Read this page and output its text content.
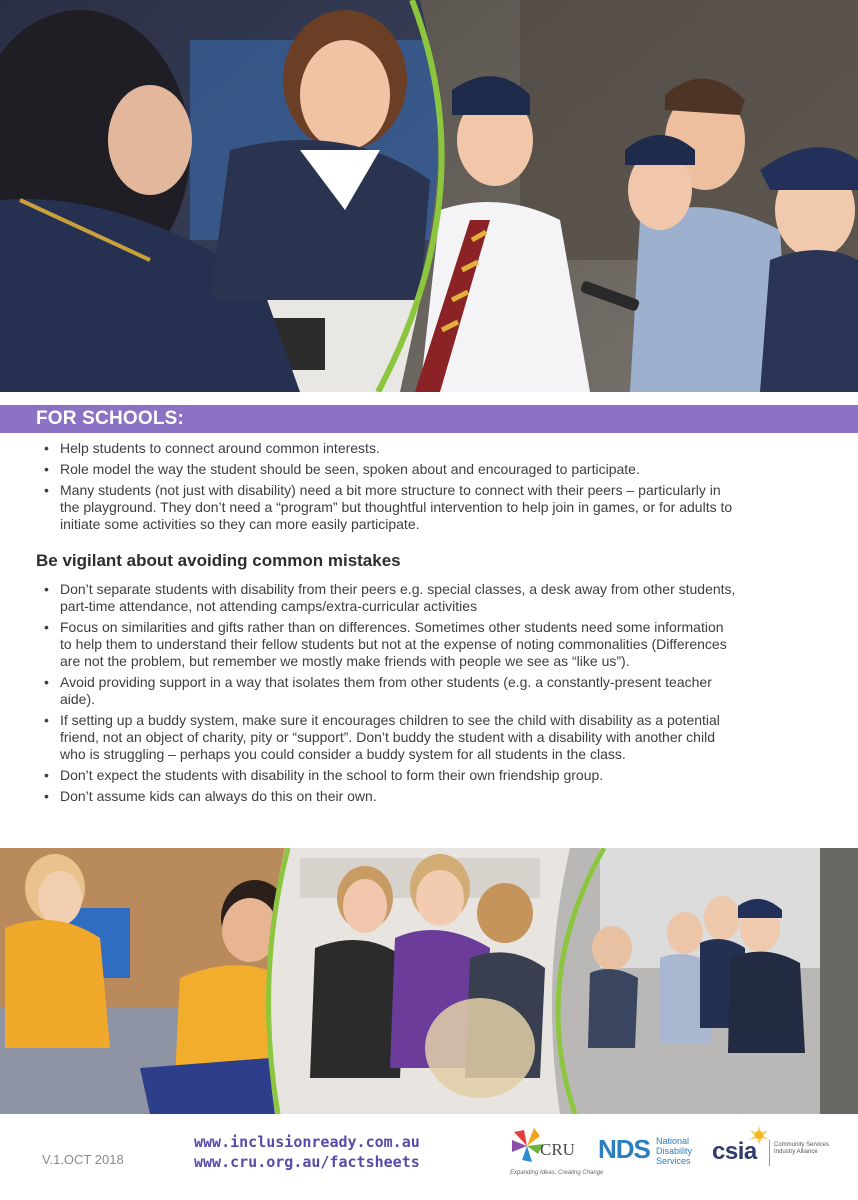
FOR SCHOOLS:
• Help students to connect around common interests.
• Role model the way the student should be seen, spoken about and encouraged to participate.
• Many students (not just with disability) need a bit more structure to connect with their peers – particularly in the playground. They don’t need a “program” but thoughtful intervention to help join in games, or for adults to initiate some activities so they can more easily participate.
Be vigilant about avoiding common mistakes
• Don’t separate students with disability from their peers e.g. special classes, a desk away from other students, part-time attendance, not attending camps/extra-curricular activities
• Focus on similarities and gifts rather than on differences. Sometimes other students need some information to help them to understand their fellow students but not at the expense of noting commonalities (Differences are not the problem, but remember we mostly make friends with people we see as “like us”).
• Avoid providing support in a way that isolates them from other students (e.g. a constantly-present teacher aide).
• If setting up a buddy system, make sure it encourages children to see the child with disability as a potential friend, not an object of charity, pity or “support”. Don’t buddy the student with a disability with another child who is struggling – perhaps you could consider a buddy system for all students in the class.
• Don’t expect the students with disability in the school to form their own friendship group.
• Don’t assume kids can always do this on their own.
V.1.OCT 2018
www.inclusionready.com.au
www.cru.org.au/factsheets
CRU
Expanding Ideas. Creating Change
NDS National Disability Services csia	Community Services Industry Alliance
